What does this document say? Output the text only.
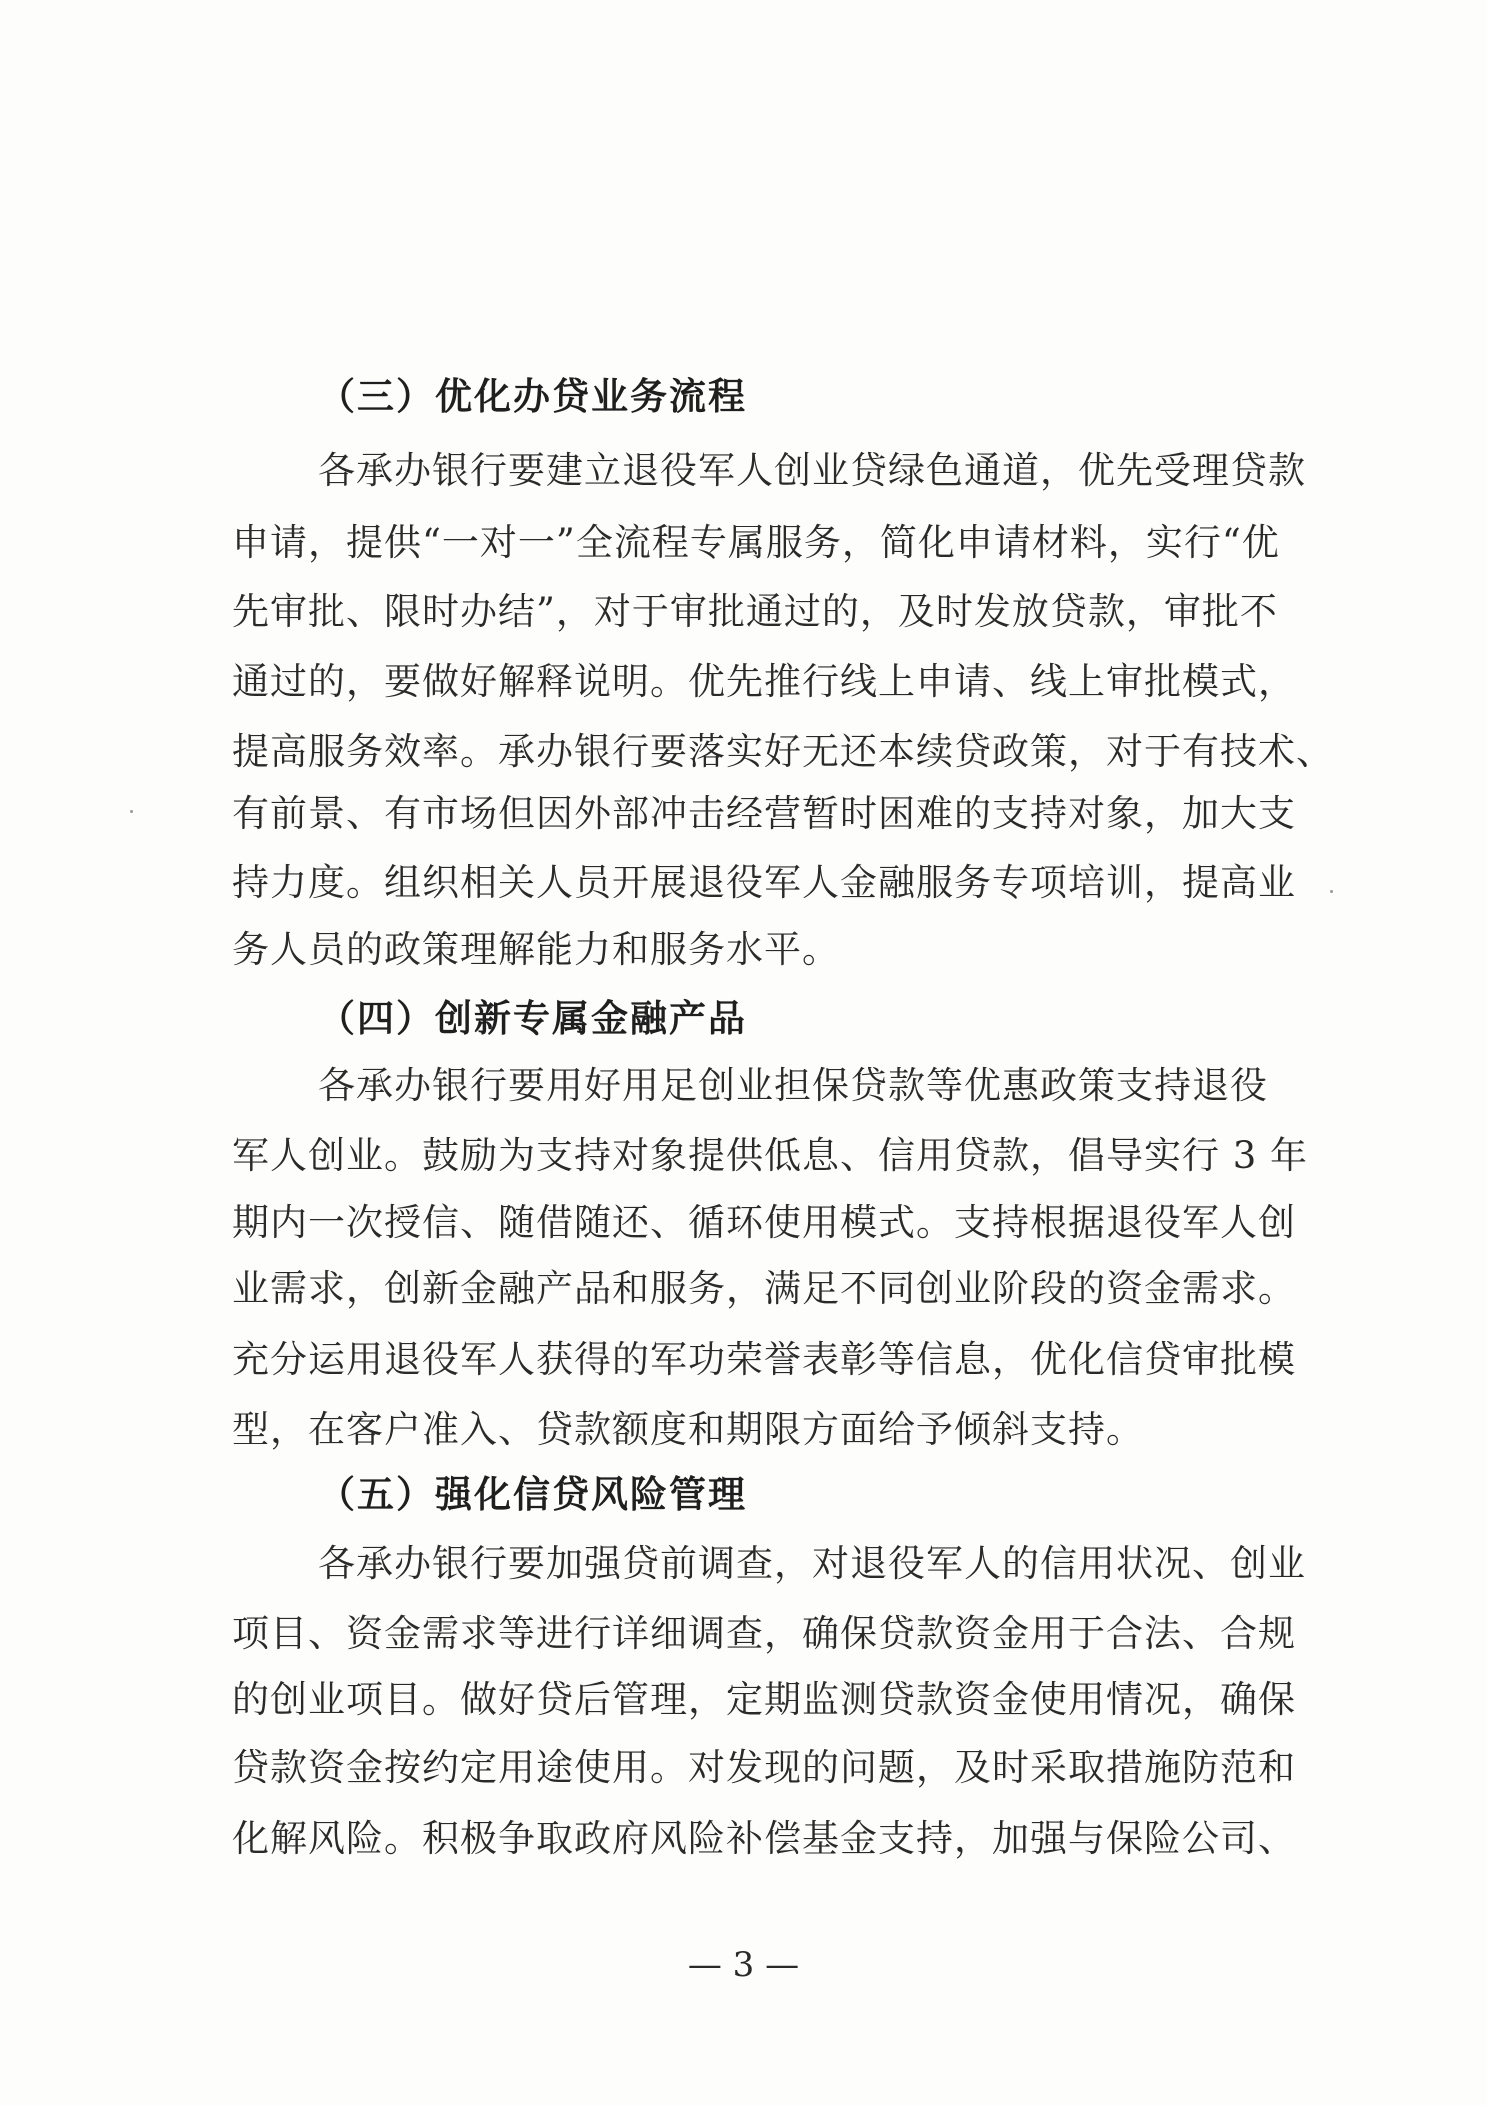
（三）优化办贷业务流程
各承办银行要建立退役军人创业贷绿色通道，优先受理贷款
申请，提供“一对一”全流程专属服务，简化申请材料，实行“优
先审批、限时办结”，对于审批通过的，及时发放贷款，审批不
通过的，要做好解释说明。优先推行线上申请、线上审批模式，
提高服务效率。承办银行要落实好无还本续贷政策，对于有技术、
有前景、有市场但因外部冲击经营暂时困难的支持对象，加大支
持力度。组织相关人员开展退役军人金融服务专项培训，提高业
务人员的政策理解能力和服务水平。
（四）创新专属金融产品
各承办银行要用好用足创业担保贷款等优惠政策支持退役
军人创业。鼓励为支持对象提供低息、信用贷款，倡导实行 3 年
期内一次授信、随借随还、循环使用模式。支持根据退役军人创
业需求，创新金融产品和服务，满足不同创业阶段的资金需求。
充分运用退役军人获得的军功荣誉表彰等信息，优化信贷审批模
型，在客户准入、贷款额度和期限方面给予倾斜支持。
（五）强化信贷风险管理
各承办银行要加强贷前调查，对退役军人的信用状况、创业
项目、资金需求等进行详细调查，确保贷款资金用于合法、合规
的创业项目。做好贷后管理，定期监测贷款资金使用情况，确保
贷款资金按约定用途使用。对发现的问题，及时采取措施防范和
化解风险。积极争取政府风险补偿基金支持，加强与保险公司、
— 3 —
